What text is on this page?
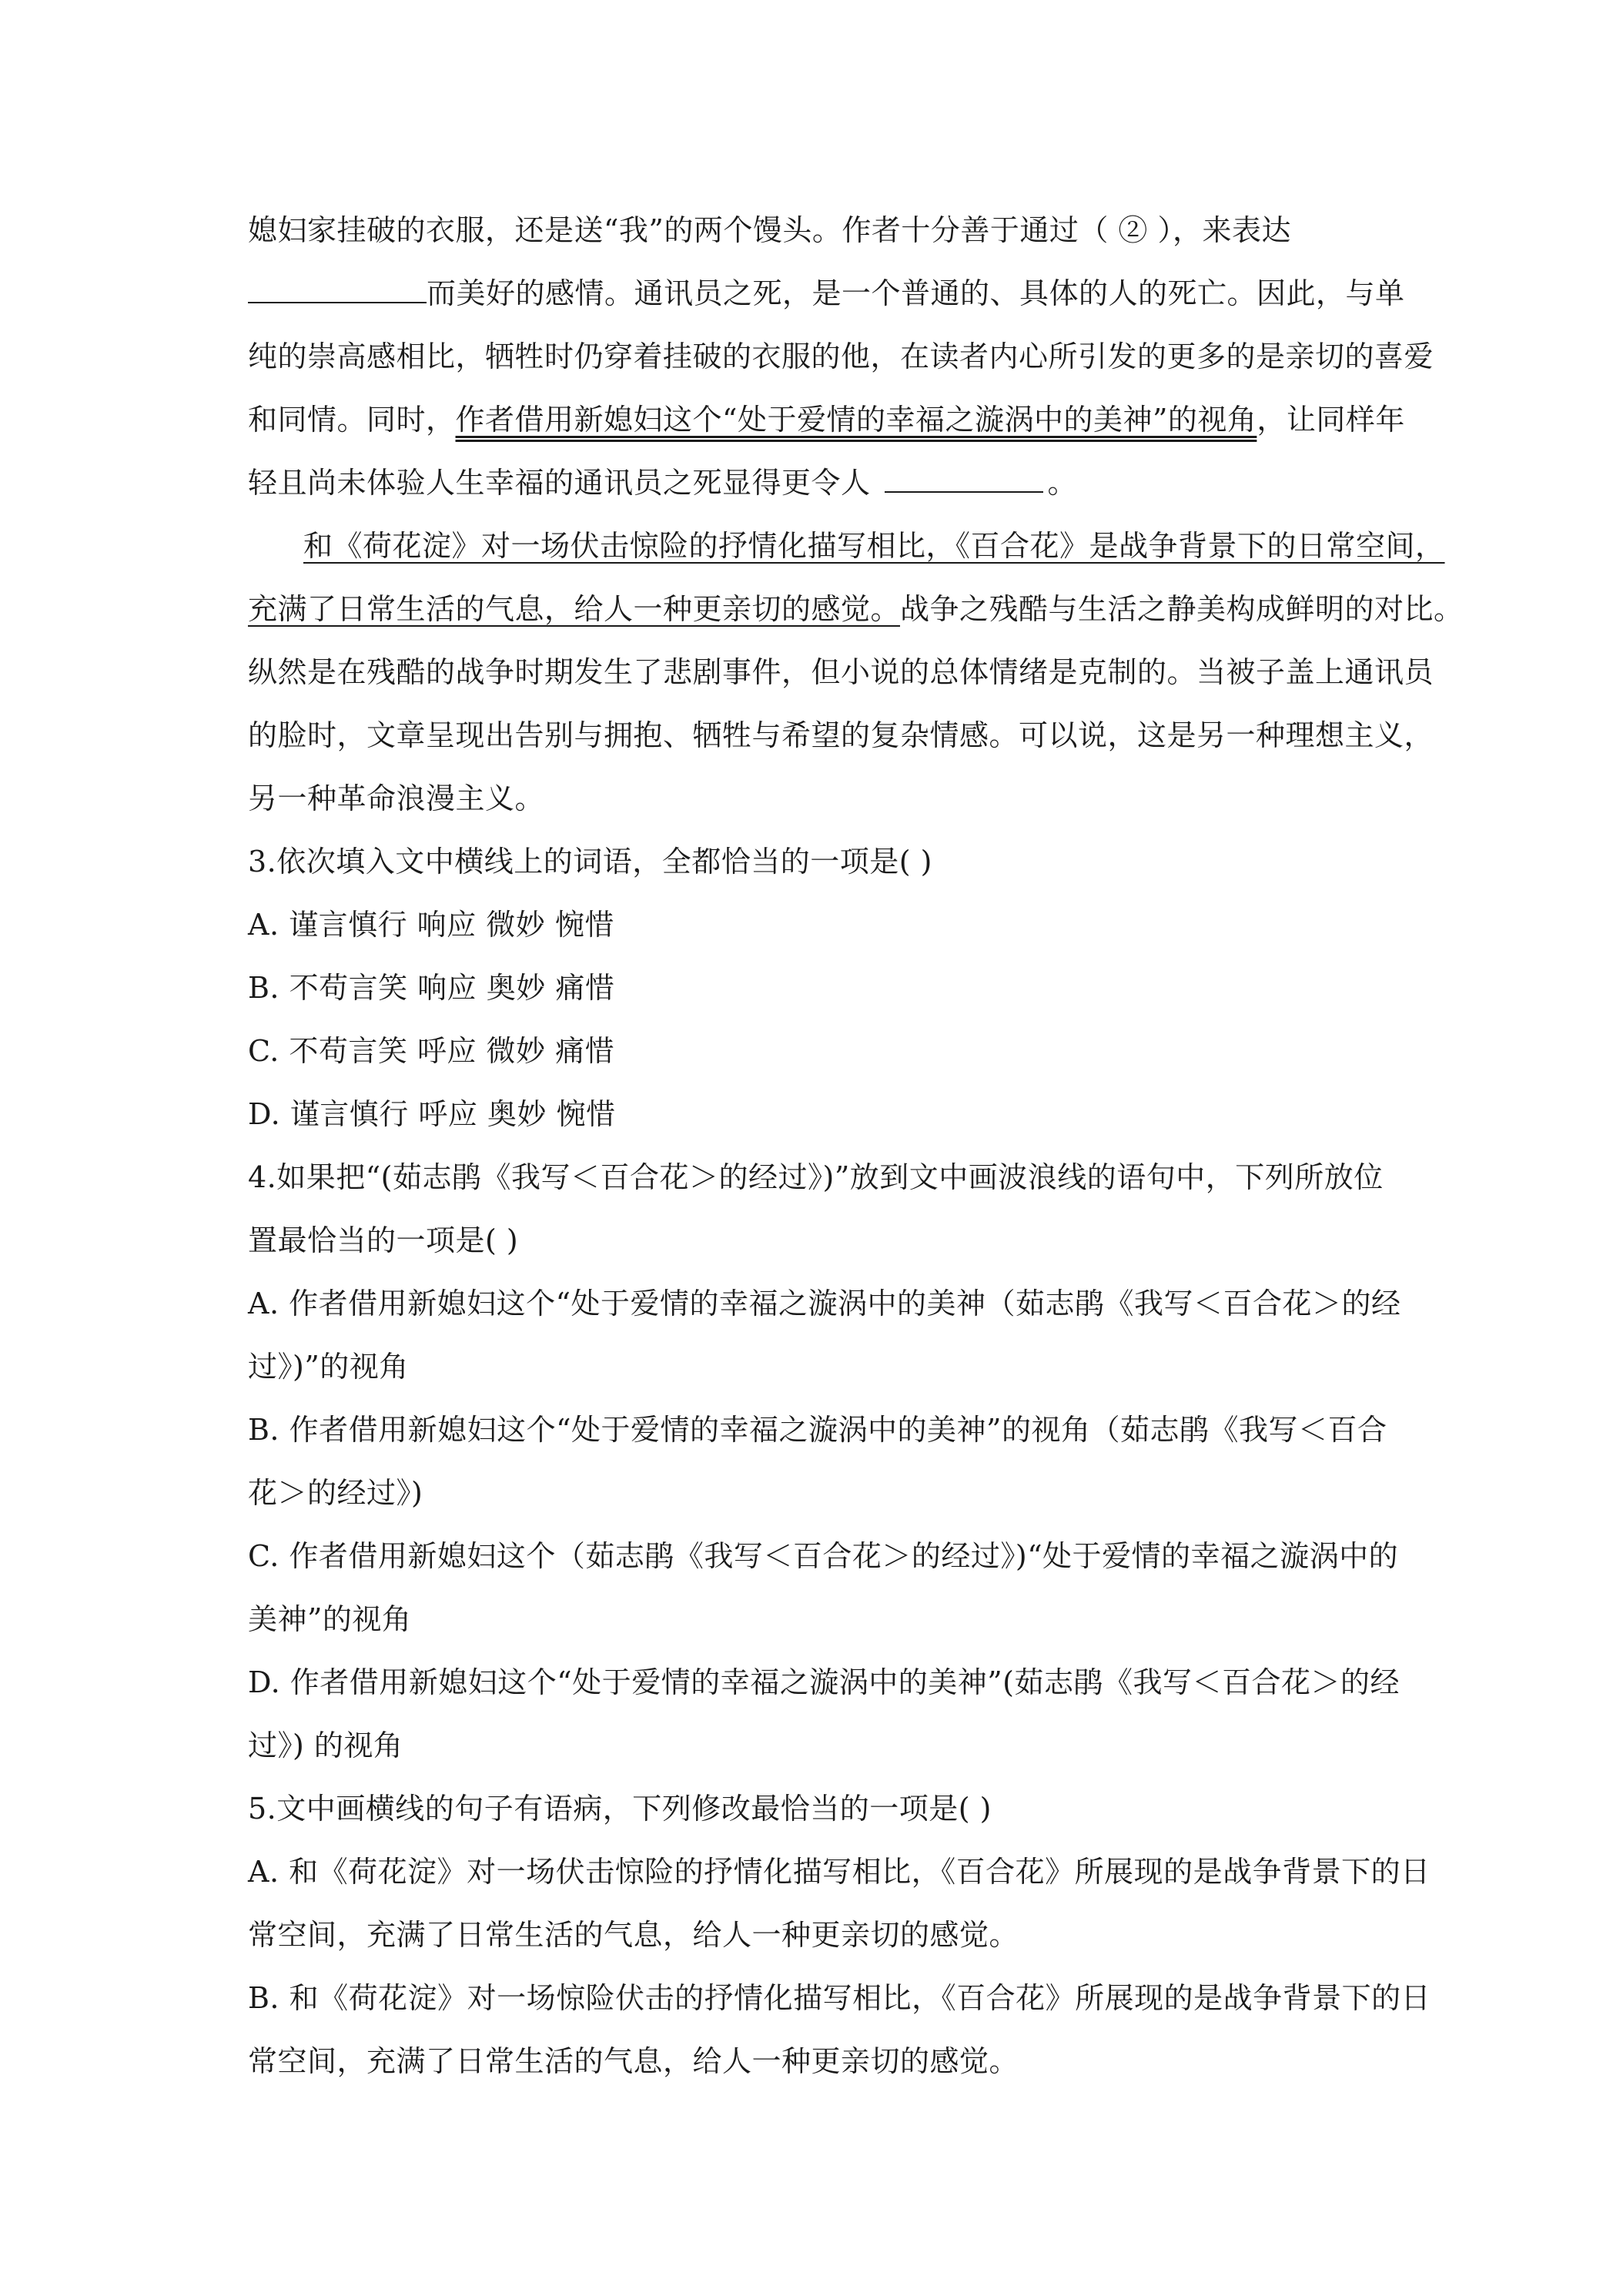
媳妇家挂破的衣服，还是送“我”的两个馒头。作者十分善于通过（ ② ），来表达
而美好的感情。通讯员之死，是一个普通的、具体的人的死亡。因此，与单
纯的崇高感相比，牺牲时仍穿着挂破的衣服的他，在读者内心所引发的更多的是亲切的喜爱
和同情。同时，作者借用新媳妇这个“处于爱情的幸福之漩涡中的美神”的视角，让同样年
轻且尚未体验人生幸福的通讯员之死显得更令人	。
和《荷花淀》对一场伏击惊险的抒情化描写相比，《百合花》是战争背景下的日常空间，
充满了日常生活的气息，给人一种更亲切的感觉。战争之残酷与生活之静美构成鲜明的对比。
纵然是在残酷的战争时期发生了悲剧事件，但小说的总体情绪是克制的。当被子盖上通讯员
的脸时，文章呈现出告别与拥抱、牺牲与希望的复杂情感。可以说，这是另一种理想主义，
另一种革命浪漫主义。
3.依次填入文中横线上的词语，全都恰当的一项是( )
A. 谨言慎行 响应 微妙 惋惜
B. 不苟言笑 响应 奥妙 痛惜
C. 不苟言笑 呼应 微妙 痛惜
D. 谨言慎行 呼应 奥妙 惋惜
4.如果把“(茹志鹃《我写＜百合花＞的经过》)”放到文中画波浪线的语句中，下列所放位
置最恰当的一项是( )
A. 作者借用新媳妇这个“处于爱情的幸福之漩涡中的美神（茹志鹃《我写＜百合花＞的经
过》)”的视角
B. 作者借用新媳妇这个“处于爱情的幸福之漩涡中的美神”的视角（茹志鹃《我写＜百合
花＞的经过》)
C. 作者借用新媳妇这个（茹志鹃《我写＜百合花＞的经过》)“处于爱情的幸福之漩涡中的
美神”的视角
D. 作者借用新媳妇这个“处于爱情的幸福之漩涡中的美神”(茹志鹃《我写＜百合花＞的经
过》) 的视角
5.文中画横线的句子有语病，下列修改最恰当的一项是( )
A. 和《荷花淀》对一场伏击惊险的抒情化描写相比，《百合花》所展现的是战争背景下的日
常空间，充满了日常生活的气息，给人一种更亲切的感觉。
B. 和《荷花淀》对一场惊险伏击的抒情化描写相比，《百合花》所展现的是战争背景下的日
常空间，充满了日常生活的气息，给人一种更亲切的感觉。
